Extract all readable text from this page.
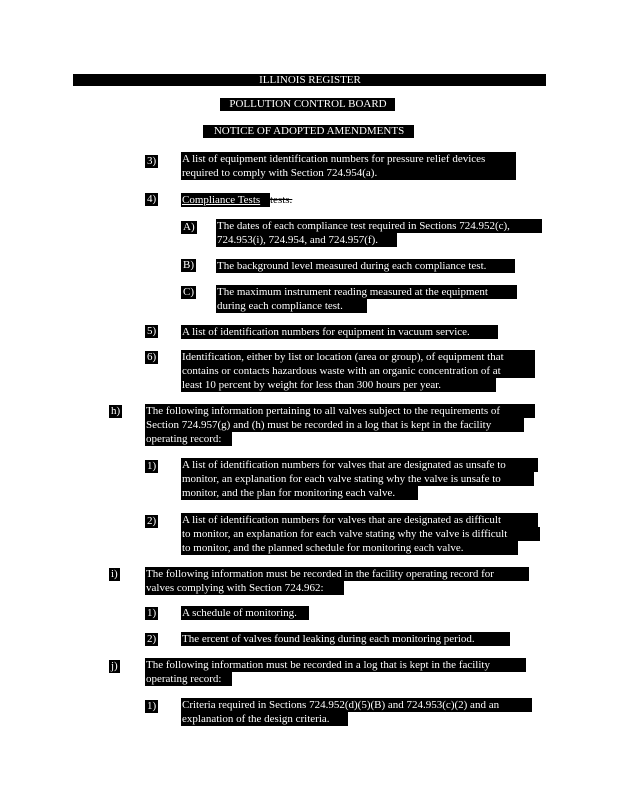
ILLINOIS REGISTER
POLLUTION CONTROL BOARD
NOTICE OF ADOPTED AMENDMENTS
3) A list of equipment identification numbers for pressure relief devices
required to comply with Section 724.954(a).
4) Compliance Tests tests.
A) The dates of each compliance test required in Sections 724.952(c),
724.953(i), 724.954, and 724.957(f).
B) The background level measured during each compliance test.
C) The maximum instrument reading measured at the equipment
during each compliance test.
5) A list of identification numbers for equipment in vacuum service.
6) Identification, either by list or location (area or group), of equipment that
contains or contacts hazardous waste with an organic concentration of at
least 10 percent by weight for less than 300 hours per year.
h) The following information pertaining to all valves subject to the requirements of
Section 724.957(g) and (h) must be recorded in a log that is kept in the facility
operating record:
1) A list of identification numbers for valves that are designated as unsafe to
monitor, an explanation for each valve stating why the valve is unsafe to
monitor, and the plan for monitoring each valve.
2) A list of identification numbers for valves that are designated as difficult
to monitor, an explanation for each valve stating why the valve is difficult
to monitor, and the planned schedule for monitoring each valve.
i)	The following information must be recorded in the facility operating record for
valves complying with Section 724.962:
1) A schedule of monitoring.
2) The ercent of valves found leaking during each monitoring period.
j)	The following information must be recorded in a log that is kept in the facility
operating record:
1) Criteria required in Sections 724.952(d)(5)(B) and 724.953(c)(2) and an
explanation of the design criteria.
